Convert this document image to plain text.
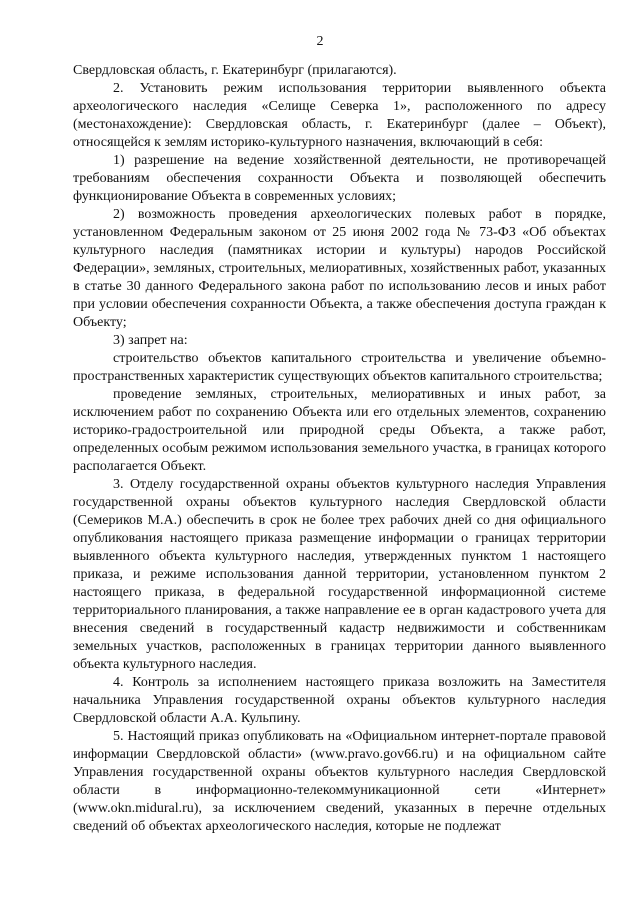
2

Свердловская область, г. Екатеринбург (прилагаются).

2. Установить режим использования территории выявленного объекта археологического наследия «Селище Северка 1», расположенного по адресу (местонахождение): Свердловская область, г. Екатеринбург (далее – Объект), относящейся к землям историко-культурного назначения, включающий в себя:

1) разрешение на ведение хозяйственной деятельности, не противоречащей требованиям обеспечения сохранности Объекта и позволяющей обеспечить функционирование Объекта в современных условиях;

2) возможность проведения археологических полевых работ в порядке, установленном Федеральным законом от 25 июня 2002 года № 73-ФЗ «Об объектах культурного наследия (памятниках истории и культуры) народов Российской Федерации», земляных, строительных, мелиоративных, хозяйственных работ, указанных в статье 30 данного Федерального закона работ по использованию лесов и иных работ при условии обеспечения сохранности Объекта, а также обеспечения доступа граждан к Объекту;

3) запрет на:

строительство объектов капитального строительства и увеличение объемно-пространственных характеристик существующих объектов капитального строительства;

проведение земляных, строительных, мелиоративных и иных работ, за исключением работ по сохранению Объекта или его отдельных элементов, сохранению историко-градостроительной или природной среды Объекта, а также работ, определенных особым режимом использования земельного участка, в границах которого располагается Объект.

3. Отделу государственной охраны объектов культурного наследия Управления государственной охраны объектов культурного наследия Свердловской области (Семериков М.А.) обеспечить в срок не более трех рабочих дней со дня официального опубликования настоящего приказа размещение информации о границах территории выявленного объекта культурного наследия, утвержденных пунктом 1 настоящего приказа, и режиме использования данной территории, установленном пунктом 2 настоящего приказа, в федеральной государственной информационной системе территориального планирования, а также направление ее в орган кадастрового учета для внесения сведений в государственный кадастр недвижимости и собственникам земельных участков, расположенных в границах территории данного выявленного объекта культурного наследия.

4. Контроль за исполнением настоящего приказа возложить на Заместителя начальника Управления государственной охраны объектов культурного наследия Свердловской области А.А. Кульпину.

5. Настоящий приказ опубликовать на «Официальном интернет-портале правовой информации Свердловской области» (www.pravo.gov66.ru) и на официальном сайте Управления государственной охраны объектов культурного наследия Свердловской области в информационно-телекоммуникационной сети «Интернет» (www.okn.midural.ru), за исключением сведений, указанных в перечне отдельных сведений об объектах археологического наследия, которые не подлежат
